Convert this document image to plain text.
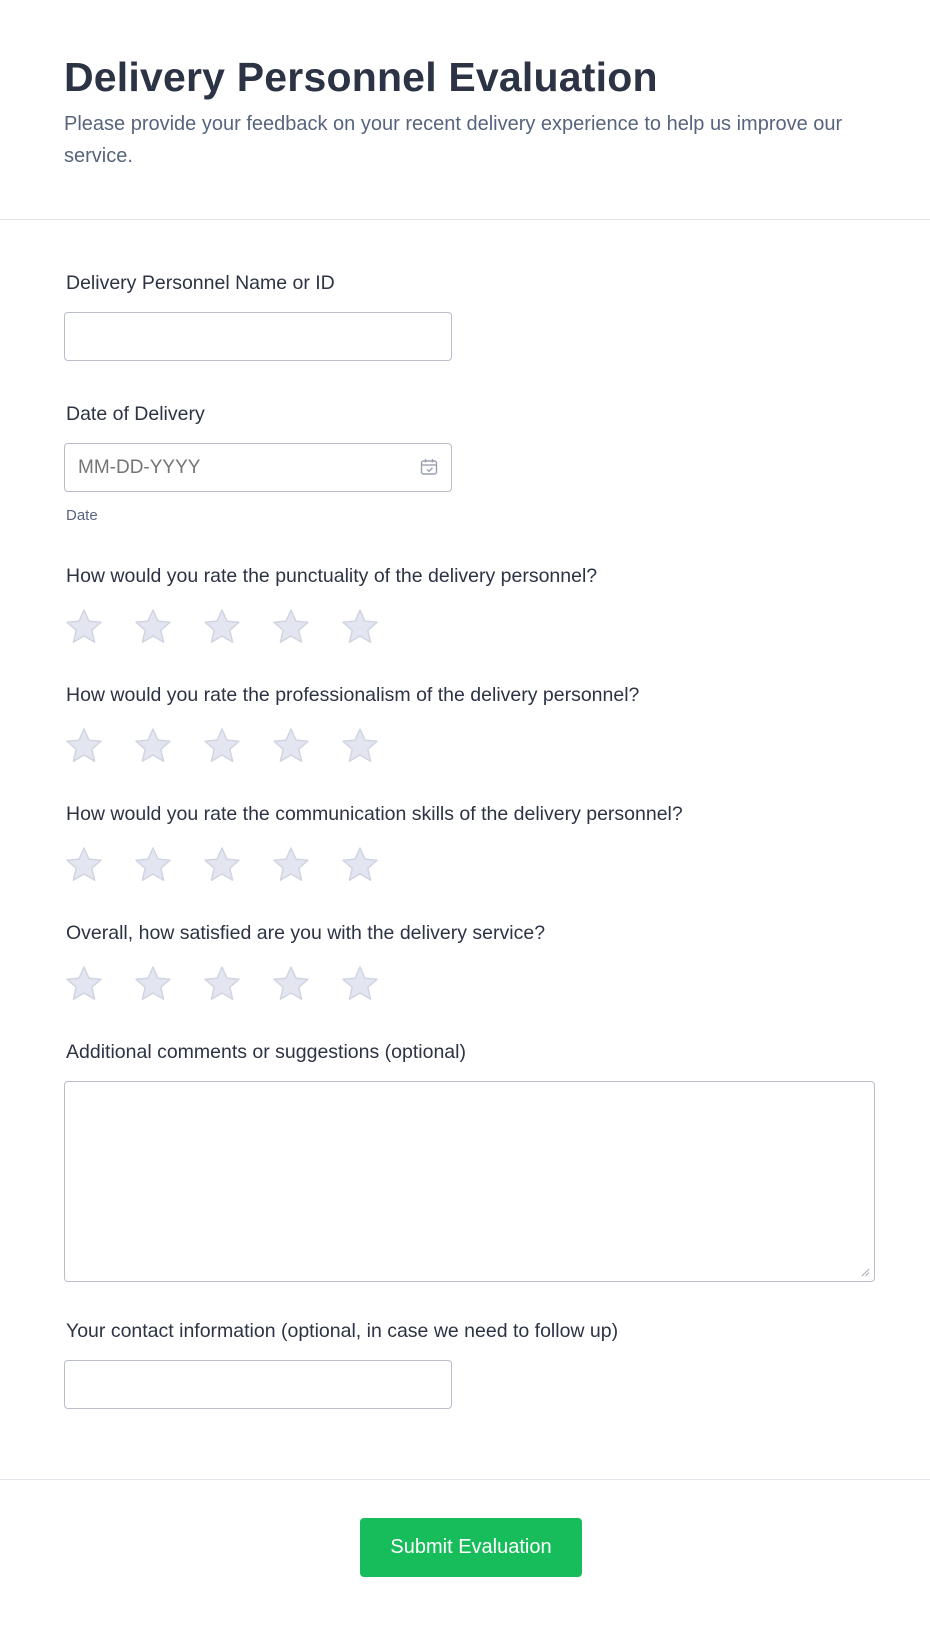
Delivery Personnel Evaluation

Please provide your feedback on your recent delivery experience to help us improve our service.

Delivery Personnel Name or ID
Date of Delivery
MM-DD-YYYY
Date
How would you rate the punctuality of the delivery personnel?
How would you rate the professionalism of the delivery personnel?
How would you rate the communication skills of the delivery personnel?
Overall, how satisfied are you with the delivery service?
Additional comments or suggestions (optional)
Your contact information (optional, in case we need to follow up)
Submit Evaluation
